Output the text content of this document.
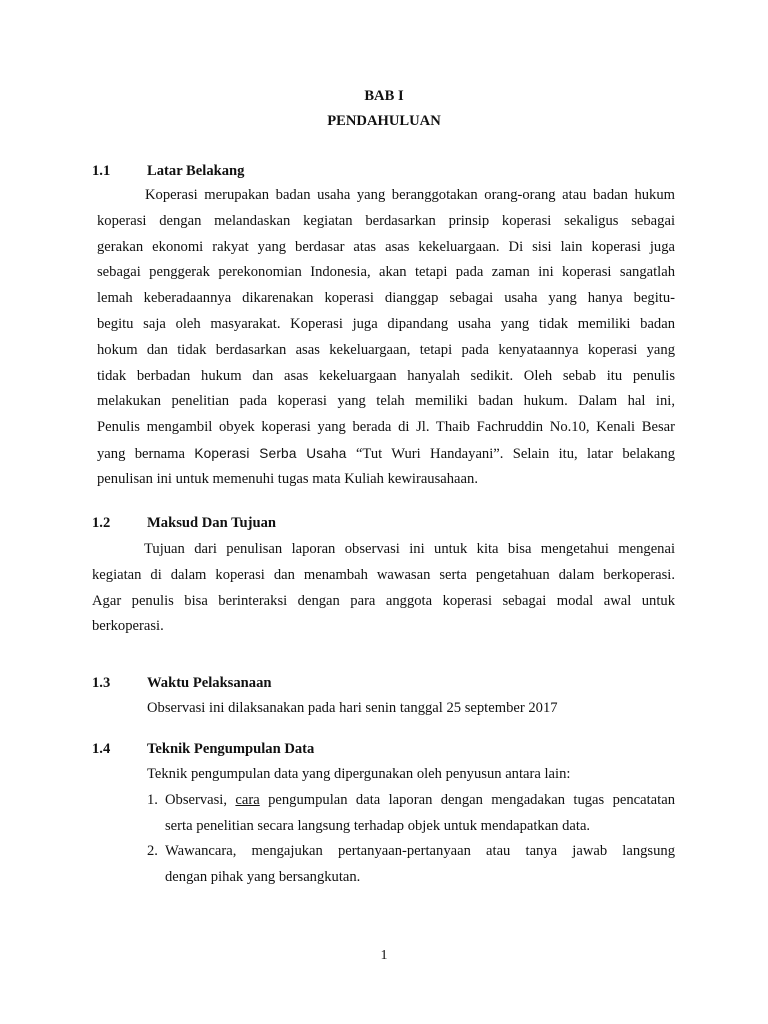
BAB I
PENDAHULUAN
1.1	Latar Belakang
Koperasi merupakan badan usaha yang beranggotakan orang-orang atau badan hukum
koperasi dengan melandaskan kegiatan berdasarkan prinsip koperasi sekaligus sebagai
gerakan ekonomi rakyat yang berdasar atas asas kekeluargaan. Di sisi lain koperasi juga
sebagai penggerak perekonomian Indonesia, akan tetapi pada zaman ini koperasi sangatlah
lemah keberadaannya dikarenakan koperasi dianggap sebagai usaha yang hanya begitu-
begitu saja oleh masyarakat. Koperasi juga dipandang usaha yang tidak memiliki badan
hokum dan tidak berdasarkan asas kekeluargaan, tetapi pada kenyataannya koperasi yang
tidak berbadan hukum dan asas kekeluargaan hanyalah sedikit. Oleh sebab itu penulis
melakukan penelitian pada koperasi yang telah memiliki badan hukum. Dalam hal ini,
Penulis mengambil obyek koperasi yang berada di Jl. Thaib Fachruddin No.10, Kenali Besar
yang bernama Koperasi Serba Usaha “Tut Wuri Handayani”. Selain itu, latar belakang
penulisan ini untuk memenuhi tugas mata Kuliah kewirausahaan.
1.2	Maksud Dan Tujuan
Tujuan dari penulisan laporan observasi ini untuk kita bisa mengetahui mengenai
kegiatan di dalam koperasi dan menambah wawasan serta pengetahuan dalam berkoperasi.
Agar penulis bisa berinteraksi dengan para anggota koperasi sebagai modal awal untuk
berkoperasi.
1.3	Waktu Pelaksanaan
Observasi ini dilaksanakan pada hari senin tanggal 25 september 2017
1.4	Teknik Pengumpulan Data
Teknik pengumpulan data yang dipergunakan oleh penyusun antara lain:
1. Observasi, cara pengumpulan data laporan dengan mengadakan tugas pencatatan
serta penelitian secara langsung terhadap objek untuk mendapatkan data.
2. Wawancara, mengajukan pertanyaan-pertanyaan atau tanya jawab langsung
dengan pihak yang bersangkutan.
1
